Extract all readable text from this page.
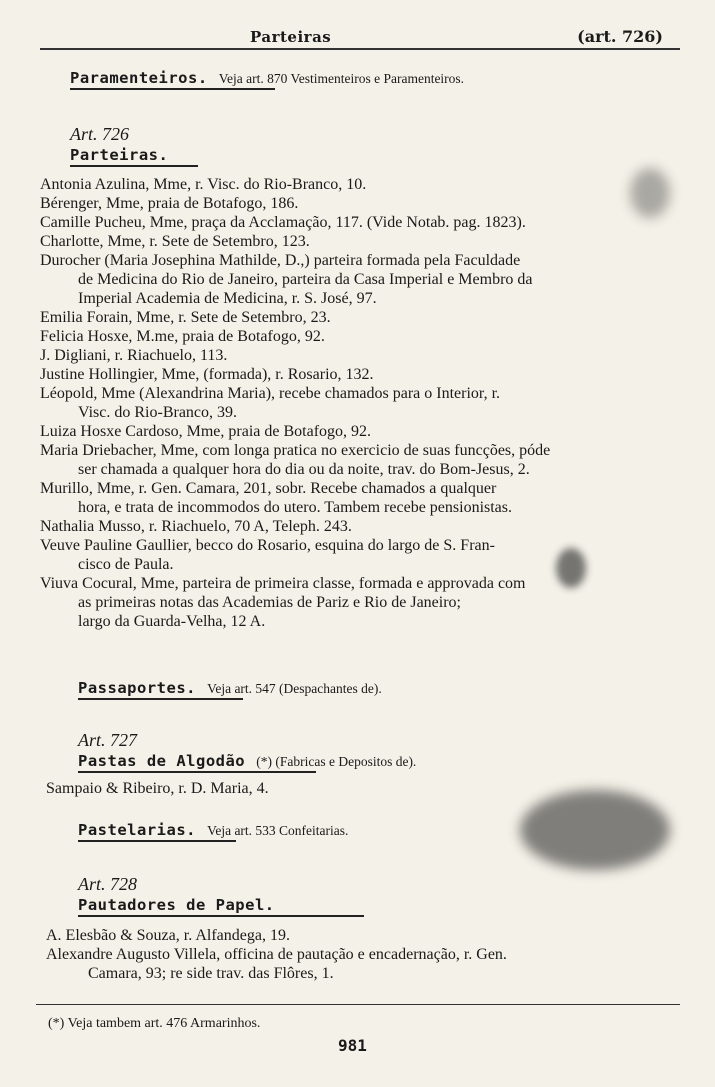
Parteiras	(art. 726)
Paramenteiros. Veja art. 870 Vestimenteiros e Paramenteiros.
Art. 726
Parteiras.
Antonia Azulina, Mme, r. Visc. do Rio-Branco, 10.
Bérenger, Mme, praia de Botafogo, 186.
Camille Pucheu, Mme, praça da Acclamação, 117. (Vide Notab. pag. 1823).
Charlotte, Mme, r. Sete de Setembro, 123.
Durocher (Maria Josephina Mathilde, D.,) parteira formada pela Faculdade
de Medicina do Rio de Janeiro, parteira da Casa Imperial e Membro da
Imperial Academia de Medicina, r. S. José, 97.
Emilia Forain, Mme, r. Sete de Setembro, 23.
Felicia Hosxe, M.me, praia de Botafogo, 92.
J. Digliani, r. Riachuelo, 113.
Justine Hollingier, Mme, (formada), r. Rosario, 132.
Léopold, Mme (Alexandrina Maria), recebe chamados para o Interior, r.
Visc. do Rio-Branco, 39.
Luiza Hosxe Cardoso, Mme, praia de Botafogo, 92.
Maria Driebacher, Mme, com longa pratica no exercicio de suas funcções, póde
ser chamada a qualquer hora do dia ou da noite, trav. do Bom-Jesus, 2.
Murillo, Mme, r. Gen. Camara, 201, sobr. Recebe chamados a qualquer
hora, e trata de incommodos do utero. Tambem recebe pensionistas.
Nathalia Musso, r. Riachuelo, 70 A, Teleph. 243.
Veuve Pauline Gaullier, becco do Rosario, esquina do largo de S. Fran-
cisco de Paula.
Viuva Cocural, Mme, parteira de primeira classe, formada e approvada com
as primeiras notas das Academias de Pariz e Rio de Janeiro;
largo da Guarda-Velha, 12 A.
Passaportes. Veja art. 547 (Despachantes de).
Art. 727
Pastas de Algodão (*) (Fabricas e Depositos de).
Sampaio & Ribeiro, r. D. Maria, 4.
Pastelarias. Veja art. 533 Confeitarias.
Art. 728
Pautadores de Papel.
A. Elesbão & Souza, r. Alfandega, 19.
Alexandre Augusto Villela, officina de pautação e encadernação, r. Gen.
Camara, 93; re side trav. das Flôres, 1.
(*) Veja tambem art. 476 Armarinhos.
981
